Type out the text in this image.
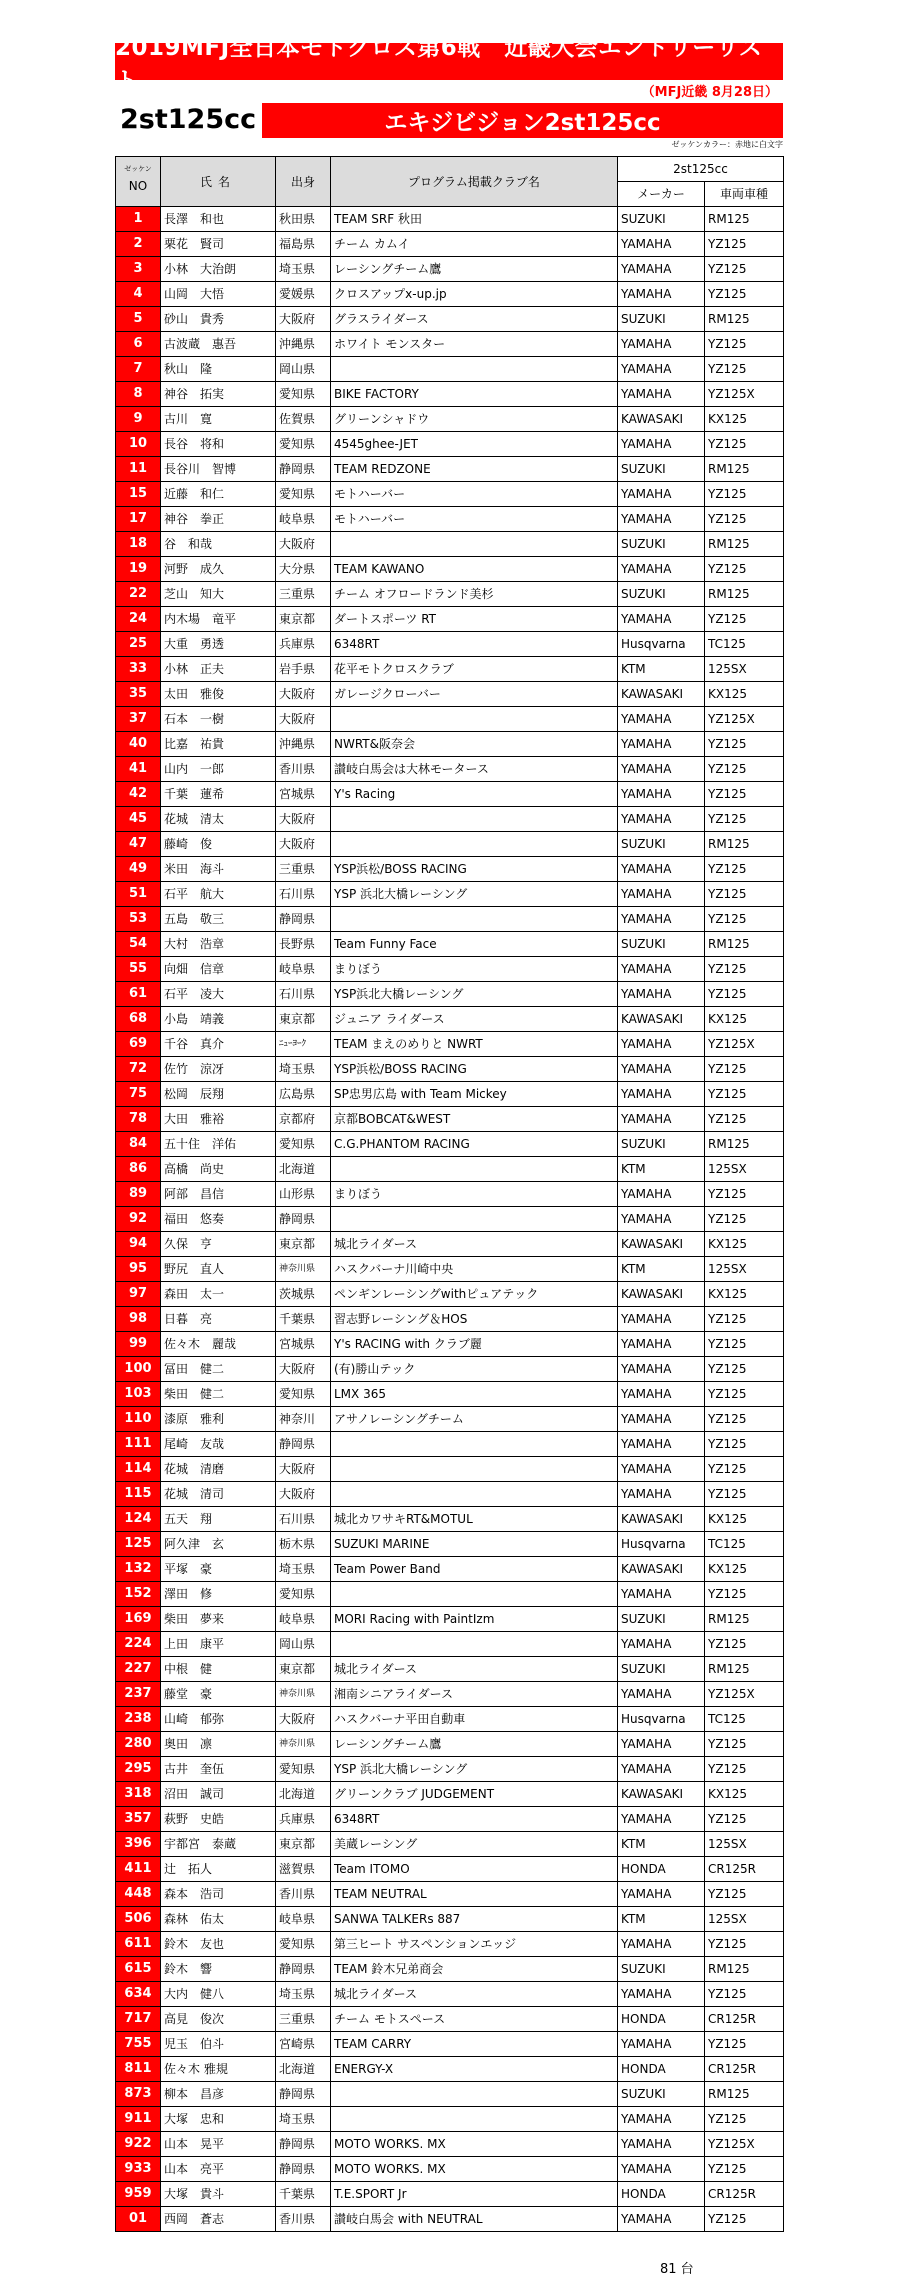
2019MFJ全日本モトクロス第6戦　近畿大会エントリーリスト	（MFJ近畿 8月28日）
2st125cc	エキジビジョン2st125cc
ゼッケンカラー：赤地に白文字
ゼッケン
NO	氏名	出身	プログラム掲載クラブ名	2st125cc	
				メーカー	車両車種
1	長澤　和也	秋田県	TEAM SRF 秋田	SUZUKI	RM125
2	栗花　賢司	福島県	チーム カムイ	YAMAHA	YZ125
3	小林　大治朗	埼玉県	レーシングチーム鷹	YAMAHA	YZ125
4	山岡　大悟	愛媛県	クロスアップx-up.jp	YAMAHA	YZ125
5	砂山　貴秀	大阪府	グラスライダース	SUZUKI	RM125
6	古波蔵　惠吾	沖縄県	ホワイト モンスター	YAMAHA	YZ125
7	秋山　隆	岡山県		YAMAHA	YZ125
8	神谷　拓実	愛知県	BIKE FACTORY	YAMAHA	YZ125X
9	古川　寛	佐賀県	グリーンシャドウ	KAWASAKI	KX125
10	長谷　将和	愛知県	4545ghee-JET	YAMAHA	YZ125
11	長谷川　智博	静岡県	TEAM REDZONE	SUZUKI	RM125
15	近藤　和仁	愛知県	モトハーバー	YAMAHA	YZ125
17	神谷　拳正	岐阜県	モトハーバー	YAMAHA	YZ125
18	谷　和哉	大阪府		SUZUKI	RM125
19	河野　成久	大分県	TEAM KAWANO	YAMAHA	YZ125
22	芝山　知大	三重県	チーム オフロードランド美杉	SUZUKI	RM125
24	内木場　竜平	東京都	ダートスポーツ RT	YAMAHA	YZ125
25	大重　勇透	兵庫県	6348RT	Husqvarna	TC125
33	小林　正夫	岩手県	花平モトクロスクラブ	KTM	125SX
35	太田　雅俊	大阪府	ガレージクローバー	KAWASAKI	KX125
37	石本　一樹	大阪府		YAMAHA	YZ125X
40	比嘉　祐貴	沖縄県	NWRT&阪奈会	YAMAHA	YZ125
41	山内　一郎	香川県	讃岐白馬会は大林モータース	YAMAHA	YZ125
42	千葉　蓮希	宮城県	Y's Racing	YAMAHA	YZ125
45	花城　清太	大阪府		YAMAHA	YZ125
47	藤崎　俊	大阪府		SUZUKI	RM125
49	米田　海斗	三重県	YSP浜松/BOSS RACING	YAMAHA	YZ125
51	石平　航大	石川県	YSP 浜北大橋レーシング	YAMAHA	YZ125
53	五島　敬三	静岡県		YAMAHA	YZ125
54	大村　浩章	長野県	Team Funny Face	SUZUKI	RM125
55	向畑　信章	岐阜県	まりぼう	YAMAHA	YZ125
61	石平　凌大	石川県	YSP浜北大橋レーシング	YAMAHA	YZ125
68	小島　靖義	東京都	ジュニア ライダース	KAWASAKI	KX125
69	千谷　真介	ﾆｭｰﾖｰｸ	TEAM まえのめりと NWRT	YAMAHA	YZ125X
72	佐竹　涼冴	埼玉県	YSP浜松/BOSS RACING	YAMAHA	YZ125
75	松岡　辰翔	広島県	SP忠男広島 with Team Mickey	YAMAHA	YZ125
78	大田　雅裕	京都府	京都BOBCAT&WEST	YAMAHA	YZ125
84	五十住　洋佑	愛知県	C.G.PHANTOM RACING	SUZUKI	RM125
86	高橋　尚史	北海道		KTM	125SX
89	阿部　昌信	山形県	まりぼう	YAMAHA	YZ125
92	福田　悠奏	静岡県		YAMAHA	YZ125
94	久保　亨	東京都	城北ライダース	KAWASAKI	KX125
95	野尻　直人	神奈川県	ハスクバーナ川崎中央	KTM	125SX
97	森田　太一	茨城県	ペンギンレーシングwithピュアテック	KAWASAKI	KX125
98	日暮　亮	千葉県	習志野レーシング＆HOS	YAMAHA	YZ125
99	佐々木　麗哉	宮城県	Y's RACING with クラブ麗	YAMAHA	YZ125
100	冨田　健二	大阪府	(有)勝山テック	YAMAHA	YZ125
103	柴田　健二	愛知県	LMX 365	YAMAHA	YZ125
110	漆原　雅利	神奈川	アサノレーシングチーム	YAMAHA	YZ125
111	尾崎　友哉	静岡県		YAMAHA	YZ125
114	花城　清磨	大阪府		YAMAHA	YZ125
115	花城　清司	大阪府		YAMAHA	YZ125
124	五天　翔	石川県	城北カワサキRT&MOTUL	KAWASAKI	KX125
125	阿久津　玄	栃木県	SUZUKI MARINE	Husqvarna	TC125
132	平塚　豪	埼玉県	Team Power Band	KAWASAKI	KX125
152	澤田　修	愛知県		YAMAHA	YZ125
169	柴田　夢来	岐阜県	MORI Racing with PaintIzm	SUZUKI	RM125
224	上田　康平	岡山県		YAMAHA	YZ125
227	中根　健	東京都	城北ライダース	SUZUKI	RM125
237	藤堂　豪	神奈川県	湘南シニアライダース	YAMAHA	YZ125X
238	山崎　郁弥	大阪府	ハスクバーナ平田自動車	Husqvarna	TC125
280	奥田　凛	神奈川県	レーシングチーム鷹	YAMAHA	YZ125
295	古井　奎伍	愛知県	YSP 浜北大橋レーシング	YAMAHA	YZ125
318	沼田　誠司	北海道	グリーンクラブ JUDGEMENT	KAWASAKI	KX125
357	萩野　史皓	兵庫県	6348RT	YAMAHA	YZ125
396	宇都宮　泰蔵	東京都	美蔵レーシング	KTM	125SX
411	辻　拓人	滋賀県	Team ITOMO	HONDA	CR125R
448	森本　浩司	香川県	TEAM NEUTRAL	YAMAHA	YZ125
506	森林　佑太	岐阜県	SANWA TALKERs 887	KTM	125SX
611	鈴木　友也	愛知県	第三ヒート サスペンションエッジ	YAMAHA	YZ125
615	鈴木　響	静岡県	TEAM 鈴木兄弟商会	SUZUKI	RM125
634	大内　健八	埼玉県	城北ライダース	YAMAHA	YZ125
717	高見　俊次	三重県	チーム モトスペース	HONDA	CR125R
755	児玉　伯斗	宮崎県	TEAM CARRY	YAMAHA	YZ125
811	佐々木 雅規	北海道	ENERGY-X	HONDA	CR125R
873	柳本　昌彦	静岡県		SUZUKI	RM125
911	大塚　忠和	埼玉県		YAMAHA	YZ125
922	山本　晃平	静岡県	MOTO WORKS. MX	YAMAHA	YZ125X
933	山本　亮平	静岡県	MOTO WORKS. MX	YAMAHA	YZ125
959	大塚　貴斗	千葉県	T.E.SPORT Jr	HONDA	CR125R
01	西岡　蒼志	香川県	讃岐白馬会 with NEUTRAL	YAMAHA	YZ125
81 台
